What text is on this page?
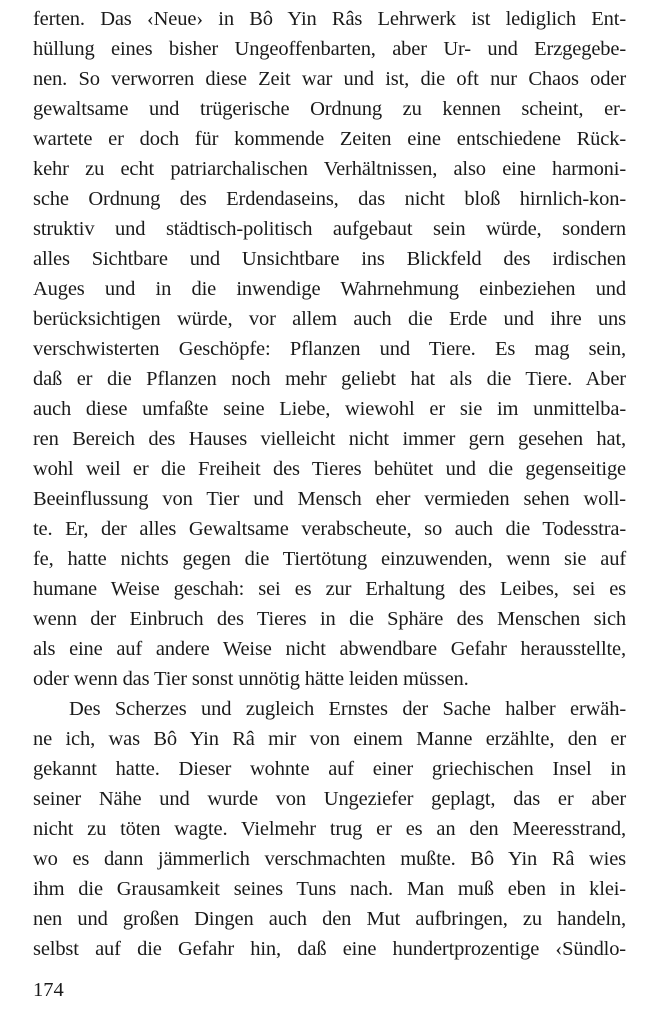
ferten. Das ‹Neue› in Bô Yin Râs Lehrwerk ist lediglich Ent-
hüllung eines bisher Ungeoffenbarten, aber Ur- und Erzgegebe-
nen. So verworren diese Zeit war und ist, die oft nur Chaos oder
gewaltsame und trügerische Ordnung zu kennen scheint, er-
wartete er doch für kommende Zeiten eine entschiedene Rück-
kehr zu echt patriarchalischen Verhältnissen, also eine harmoni-
sche Ordnung des Erdendaseins, das nicht bloß hirnlich-kon-
struktiv und städtisch-politisch aufgebaut sein würde, sondern
alles Sichtbare und Unsichtbare ins Blickfeld des irdischen
Auges und in die inwendige Wahrnehmung einbeziehen und
berücksichtigen würde, vor allem auch die Erde und ihre uns
verschwisterten Geschöpfe: Pflanzen und Tiere. Es mag sein,
daß er die Pflanzen noch mehr geliebt hat als die Tiere. Aber
auch diese umfaßte seine Liebe, wiewohl er sie im unmittelba-
ren Bereich des Hauses vielleicht nicht immer gern gesehen hat,
wohl weil er die Freiheit des Tieres behütet und die gegenseitige
Beeinflussung von Tier und Mensch eher vermieden sehen woll-
te. Er, der alles Gewaltsame verabscheute, so auch die Todesstra-
fe, hatte nichts gegen die Tiertötung einzuwenden, wenn sie auf
humane Weise geschah: sei es zur Erhaltung des Leibes, sei es
wenn der Einbruch des Tieres in die Sphäre des Menschen sich
als eine auf andere Weise nicht abwendbare Gefahr herausstellte,
oder wenn das Tier sonst unnötig hätte leiden müssen.
Des Scherzes und zugleich Ernstes der Sache halber erwäh-
ne ich, was Bô Yin Râ mir von einem Manne erzählte, den er
gekannt hatte. Dieser wohnte auf einer griechischen Insel in
seiner Nähe und wurde von Ungeziefer geplagt, das er aber
nicht zu töten wagte. Vielmehr trug er es an den Meeresstrand,
wo es dann jämmerlich verschmachten mußte. Bô Yin Râ wies
ihm die Grausamkeit seines Tuns nach. Man muß eben in klei-
nen und großen Dingen auch den Mut aufbringen, zu handeln,
selbst auf die Gefahr hin, daß eine hundertprozentige ‹Sündlo-
174
